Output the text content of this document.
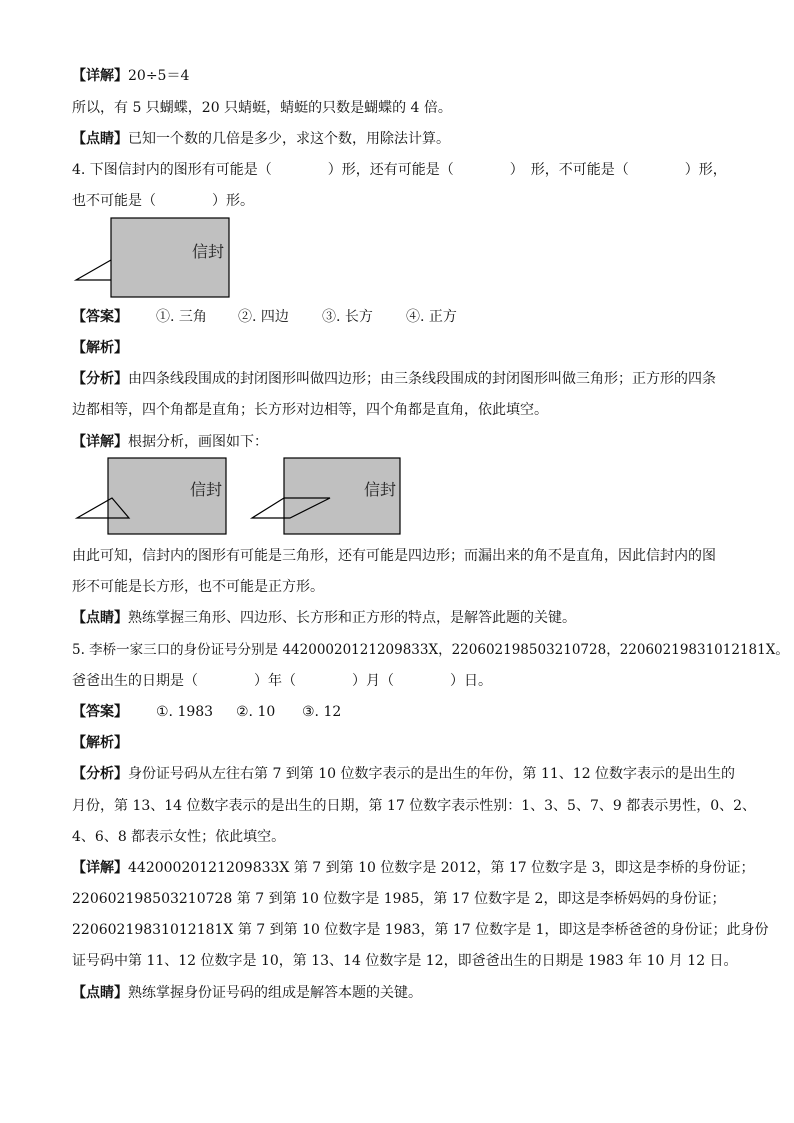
【详解】20÷5＝4
所以，有 5 只蝴蝶，20 只蜻蜓，蜻蜓的只数是蝴蝶的 4 倍。
【点睛】已知一个数的几倍是多少，求这个数，用除法计算。
4. 下图信封内的图形有可能是（　　　　）形，还有可能是（　　　　）　形，不可能是（　　　　）形，
也不可能是（　　　　）形。
信封
【答案】 ①. 三角 ②. 四边 ③. 长方 ④. 正方
【解析】
【分析】由四条线段围成的封闭图形叫做四边形；由三条线段围成的封闭图形叫做三角形；正方形的四条
边都相等，四个角都是直角；长方形对边相等，四个角都是直角，依此填空。
【详解】根据分析，画图如下：
信封	信封
由此可知，信封内的图形有可能是三角形，还有可能是四边形；而漏出来的角不是直角，因此信封内的图
形不可能是长方形，也不可能是正方形。
【点睛】熟练掌握三角形、四边形、长方形和正方形的特点，是解答此题的关键。
5. 李桥一家三口的身份证号分别是 44200020121209833X，220602198503210728，22060219831012181X。
爸爸出生的日期是（　　　　）年（　　　　）月（　　　　）日。
【答案】 ①. 1983 ②. 10 ③. 12
【解析】
【分析】身份证号码从左往右第 7 到第 10 位数字表示的是出生的年份，第 11、12 位数字表示的是出生的
月份，第 13、14 位数字表示的是出生的日期，第 17 位数字表示性别：1、3、5、7、9 都表示男性，0、2、
4、6、8 都表示女性；依此填空。
【详解】44200020121209833X 第 7 到第 10 位数字是 2012，第 17 位数字是 3，即这是李桥的身份证；
220602198503210728 第 7 到第 10 位数字是 1985，第 17 位数字是 2，即这是李桥妈妈的身份证；
22060219831012181X 第 7 到第 10 位数字是 1983，第 17 位数字是 1，即这是李桥爸爸的身份证；此身份
证号码中第 11、12 位数字是 10，第 13、14 位数字是 12，即爸爸出生的日期是 1983 年 10 月 12 日。
【点睛】熟练掌握身份证号码的组成是解答本题的关键。
